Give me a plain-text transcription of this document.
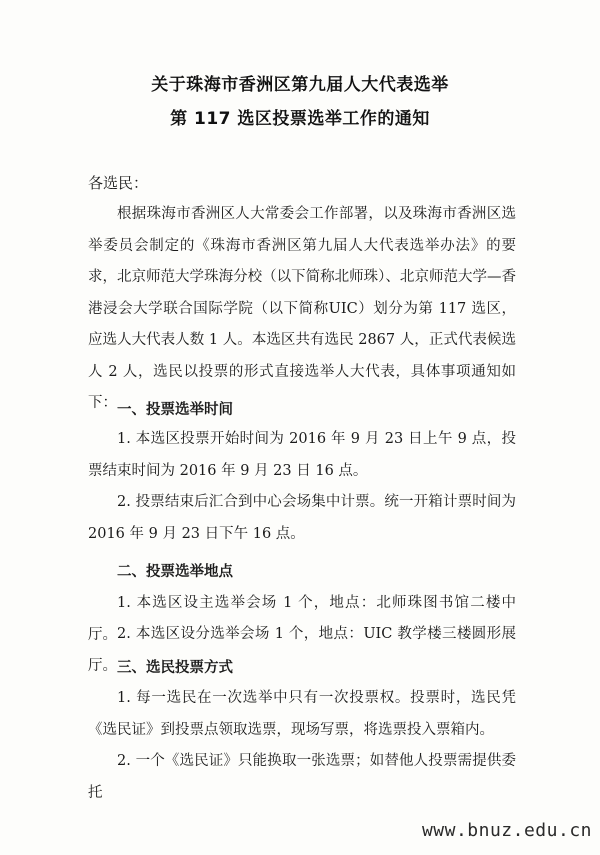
关于珠海市香洲区第九届人大代表选举
第 117 选区投票选举工作的通知
各选民：

根据珠海市香洲区人大常委会工作部署，以及珠海市香洲区选举委员会制定的《珠海市香洲区第九届人大代表选举办法》的要求，北京师范大学珠海分校（以下简称北师珠）、北京师范大学—香港浸会大学联合国际学院（以下简称UIC）划分为第 117 选区，应选人大代表人数 1 人。本选区共有选民 2867 人，正式代表候选人 2 人，选民以投票的形式直接选举人大代表，具体事项通知如下： 一、投票选举时间

1. 本选区投票开始时间为 2016 年 9 月 23 日上午 9 点，投票结束时间为 2016 年 9 月 23 日 16 点。

2. 投票结束后汇合到中心会场集中计票。统一开箱计票时间为 2016 年 9 月 23 日下午 16 点。

二、投票选举地点

1. 本选区设主选举会场 1 个，地点：北师珠图书馆二楼中厅。 2. 本选区设分选举会场 1 个，地点：UIC 教学楼三楼圆形展厅。 三、选民投票方式

1. 每一选民在一次选举中只有一次投票权。投票时，选民凭《选民证》到投票点领取选票，现场写票，将选票投入票箱内。

2. 一个《选民证》只能换取一张选票；如替他人投票需提供委托

www.bnuz.edu.cn
